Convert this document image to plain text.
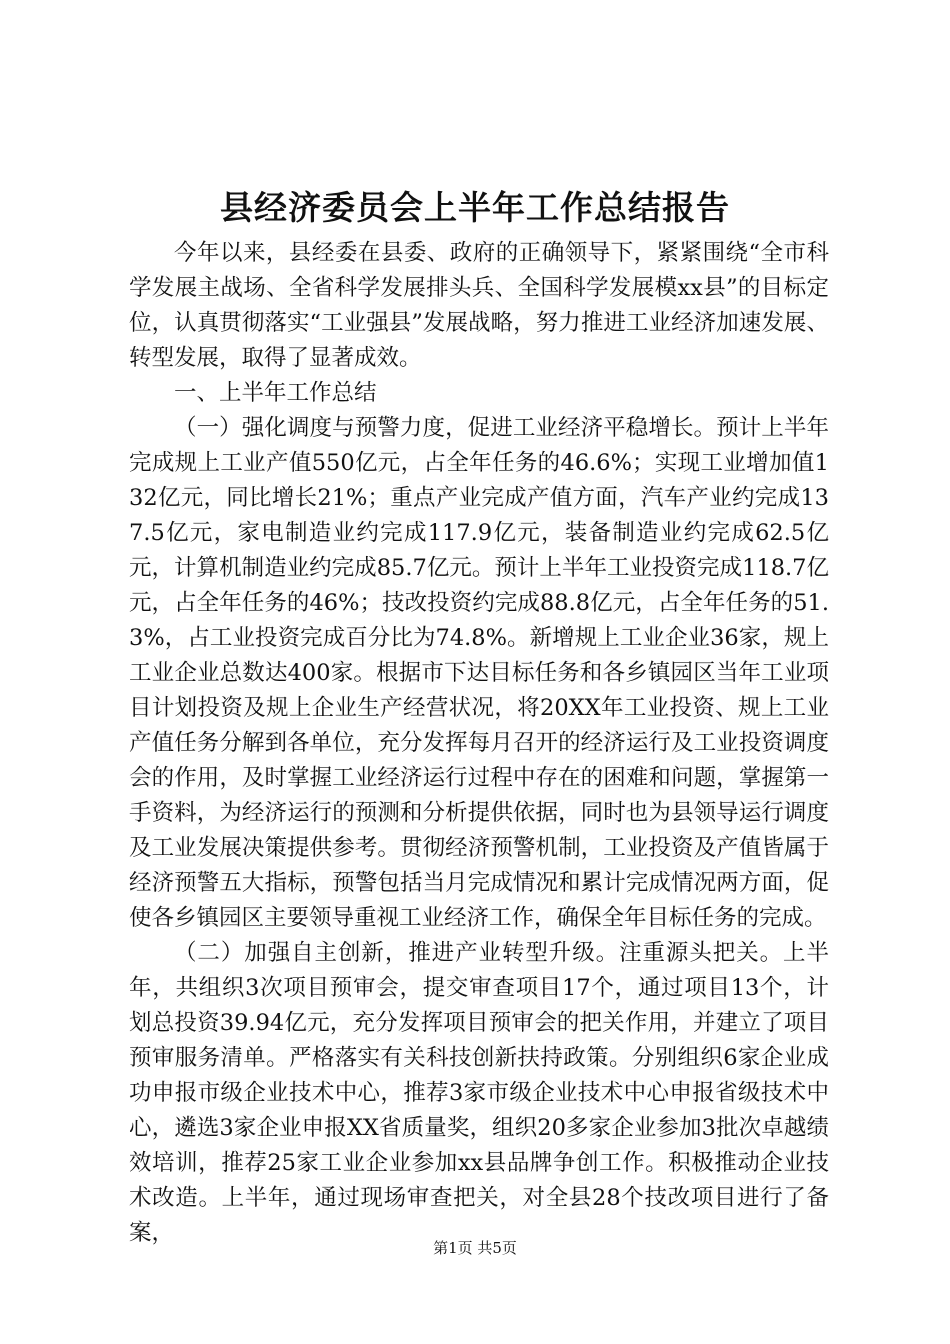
县经济委员会上半年工作总结报告

今年以来，县经委在县委、政府的正确领导下，紧紧围绕“全市科学发展主战场、全省科学发展排头兵、全国科学发展模xx县”的目标定位，认真贯彻落实“工业强县”发展战略，努力推进工业经济加速发展、转型发展，取得了显著成效。

一、上半年工作总结

（一）强化调度与预警力度，促进工业经济平稳增长。预计上半年完成规上工业产值550亿元，占全年任务的46.6%；实现工业增加值132亿元，同比增长21%；重点产业完成产值方面，汽车产业约完成137.5亿元，家电制造业约完成117.9亿元，装备制造业约完成62.5亿元，计算机制造业约完成85.7亿元。预计上半年工业投资完成118.7亿元，占全年任务的46%；技改投资约完成88.8亿元，占全年任务的51.3%，占工业投资完成百分比为74.8%。新增规上工业企业36家，规上工业企业总数达400家。根据市下达目标任务和各乡镇园区当年工业项目计划投资及规上企业生产经营状况，将20XX年工业投资、规上工业产值任务分解到各单位，充分发挥每月召开的经济运行及工业投资调度会的作用，及时掌握工业经济运行过程中存在的困难和问题，掌握第一手资料，为经济运行的预测和分析提供依据，同时也为县领导运行调度及工业发展决策提供参考。贯彻经济预警机制，工业投资及产值皆属于经济预警五大指标，预警包括当月完成情况和累计完成情况两方面，促使各乡镇园区主要领导重视工业经济工作，确保全年目标任务的完成。

（二）加强自主创新，推进产业转型升级。注重源头把关。上半年，共组织3次项目预审会，提交审查项目17个，通过项目13个，计划总投资39.94亿元，充分发挥项目预审会的把关作用，并建立了项目预审服务清单。严格落实有关科技创新扶持政策。分别组织6家企业成功申报市级企业技术中心，推荐3家市级企业技术中心申报省级技术中心，遴选3家企业申报XX省质量奖，组织20多家企业参加3批次卓越绩效培训，推荐25家工业企业参加xx县品牌争创工作。积极推动企业技术改造。上半年，通过现场审查把关，对全县28个技改项目进行了备案，

第1页 共5页
